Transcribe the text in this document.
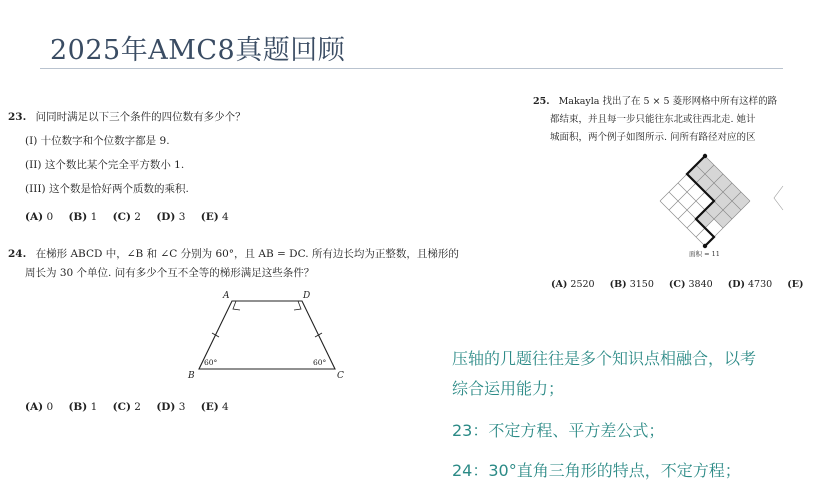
2025年AMC8真题回顾
23. 问同时满足以下三个条件的四位数有多少个？
(I) 十位数字和个位数字都是 9.
(II) 这个数比某个完全平方数小 1.
(III) 这个数是恰好两个质数的乘积.
(A) 0 (B) 1 (C) 2 (D) 3 (E) 4
24. 在梯形 ABCD 中，∠B 和 ∠C 分别为 60°，且 AB = DC. 所有边长均为正整数，且梯形的
周长为 30 个单位. 问有多少个互不全等的梯形满足这些条件？
A	D
B	C
60°	60°
(A) 0 (B) 1 (C) 2 (D) 3 (E) 4
25. Makayla 找出了在 5 × 5 菱形网格中所有这样的路
都结束，并且每一步只能往东北或往西北走. 她计
城面积，两个例子如图所示. 问所有路径对应的区
面积 = 11
(A) 2520 (B) 3150 (C) 3840 (D) 4730 (E)
压轴的几题往往是多个知识点相融合，以考
综合运用能力；
23：不定方程、平方差公式；
24：30°直角三角形的特点，不定方程；
